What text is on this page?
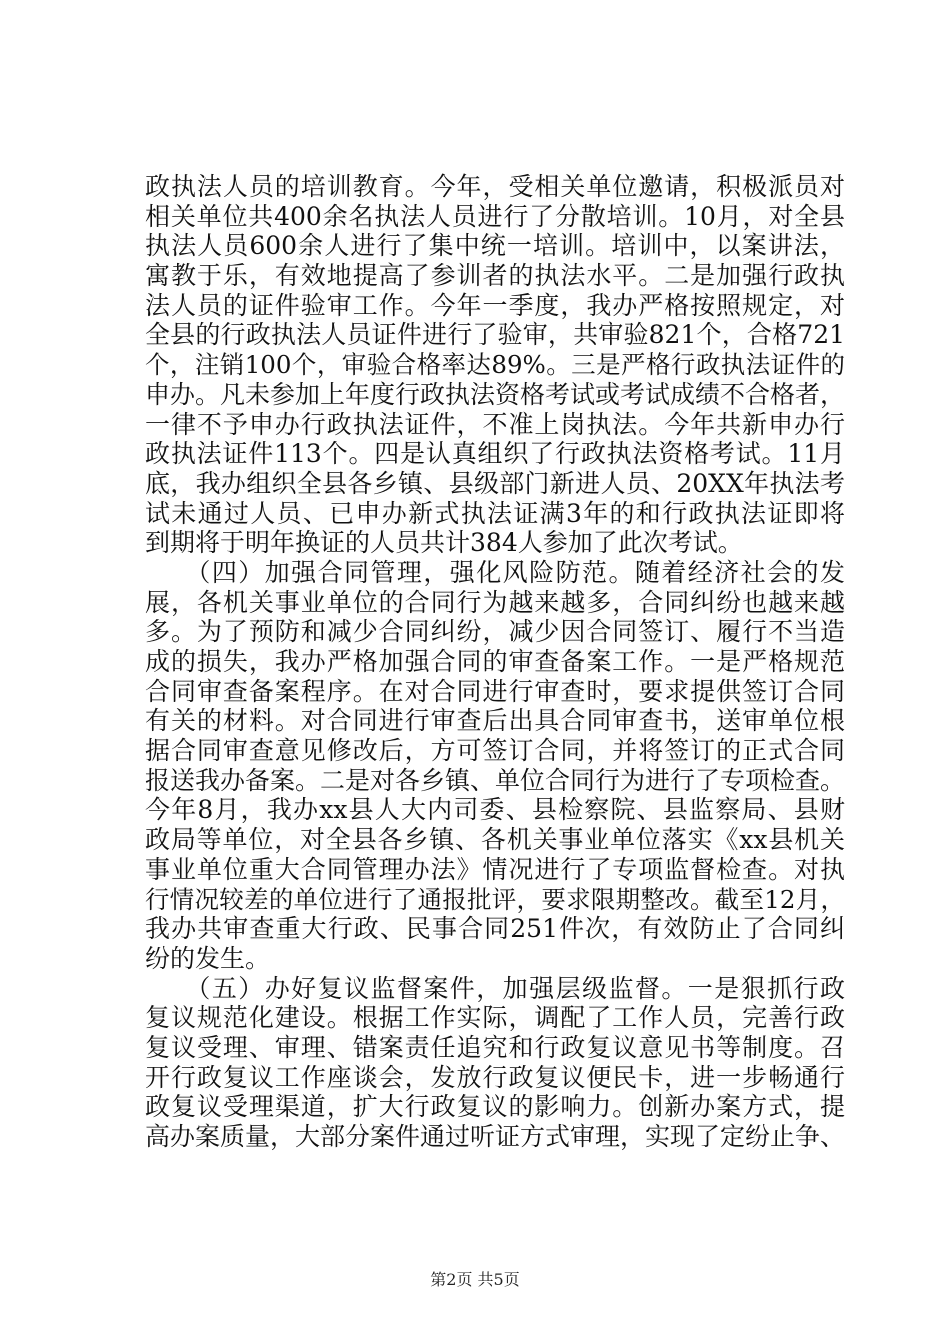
政执法人员的培训教育。今年，受相关单位邀请，积极派员对
相关单位共400余名执法人员进行了分散培训。10月，对全县
执法人员600余人进行了集中统一培训。培训中，以案讲法，
寓教于乐，有效地提高了参训者的执法水平。二是加强行政执
法人员的证件验审工作。今年一季度，我办严格按照规定，对
全县的行政执法人员证件进行了验审，共审验821个，合格721
个，注销100个，审验合格率达89%。三是严格行政执法证件的
申办。凡未参加上年度行政执法资格考试或考试成绩不合格者，
一律不予申办行政执法证件，不准上岗执法。今年共新申办行
政执法证件113个。四是认真组织了行政执法资格考试。11月
底，我办组织全县各乡镇、县级部门新进人员、20XX年执法考
试未通过人员、已申办新式执法证满3年的和行政执法证即将
到期将于明年换证的人员共计384人参加了此次考试。
　　（四）加强合同管理，强化风险防范。随着经济社会的发
展，各机关事业单位的合同行为越来越多，合同纠纷也越来越
多。为了预防和减少合同纠纷，减少因合同签订、履行不当造
成的损失，我办严格加强合同的审查备案工作。一是严格规范
合同审查备案程序。在对合同进行审查时，要求提供签订合同
有关的材料。对合同进行审查后出具合同审查书，送审单位根
据合同审查意见修改后，方可签订合同，并将签订的正式合同
报送我办备案。二是对各乡镇、单位合同行为进行了专项检查。
今年8月，我办xx县人大内司委、县检察院、县监察局、县财
政局等单位，对全县各乡镇、各机关事业单位落实《xx县机关
事业单位重大合同管理办法》情况进行了专项监督检查。对执
行情况较差的单位进行了通报批评，要求限期整改。截至12月，
我办共审查重大行政、民事合同251件次，有效防止了合同纠
纷的发生。
　　（五）办好复议监督案件，加强层级监督。一是狠抓行政
复议规范化建设。根据工作实际，调配了工作人员，完善行政
复议受理、审理、错案责任追究和行政复议意见书等制度。召
开行政复议工作座谈会，发放行政复议便民卡，进一步畅通行
政复议受理渠道，扩大行政复议的影响力。创新办案方式，提
高办案质量，大部分案件通过听证方式审理，实现了定纷止争、
第2页 共5页
